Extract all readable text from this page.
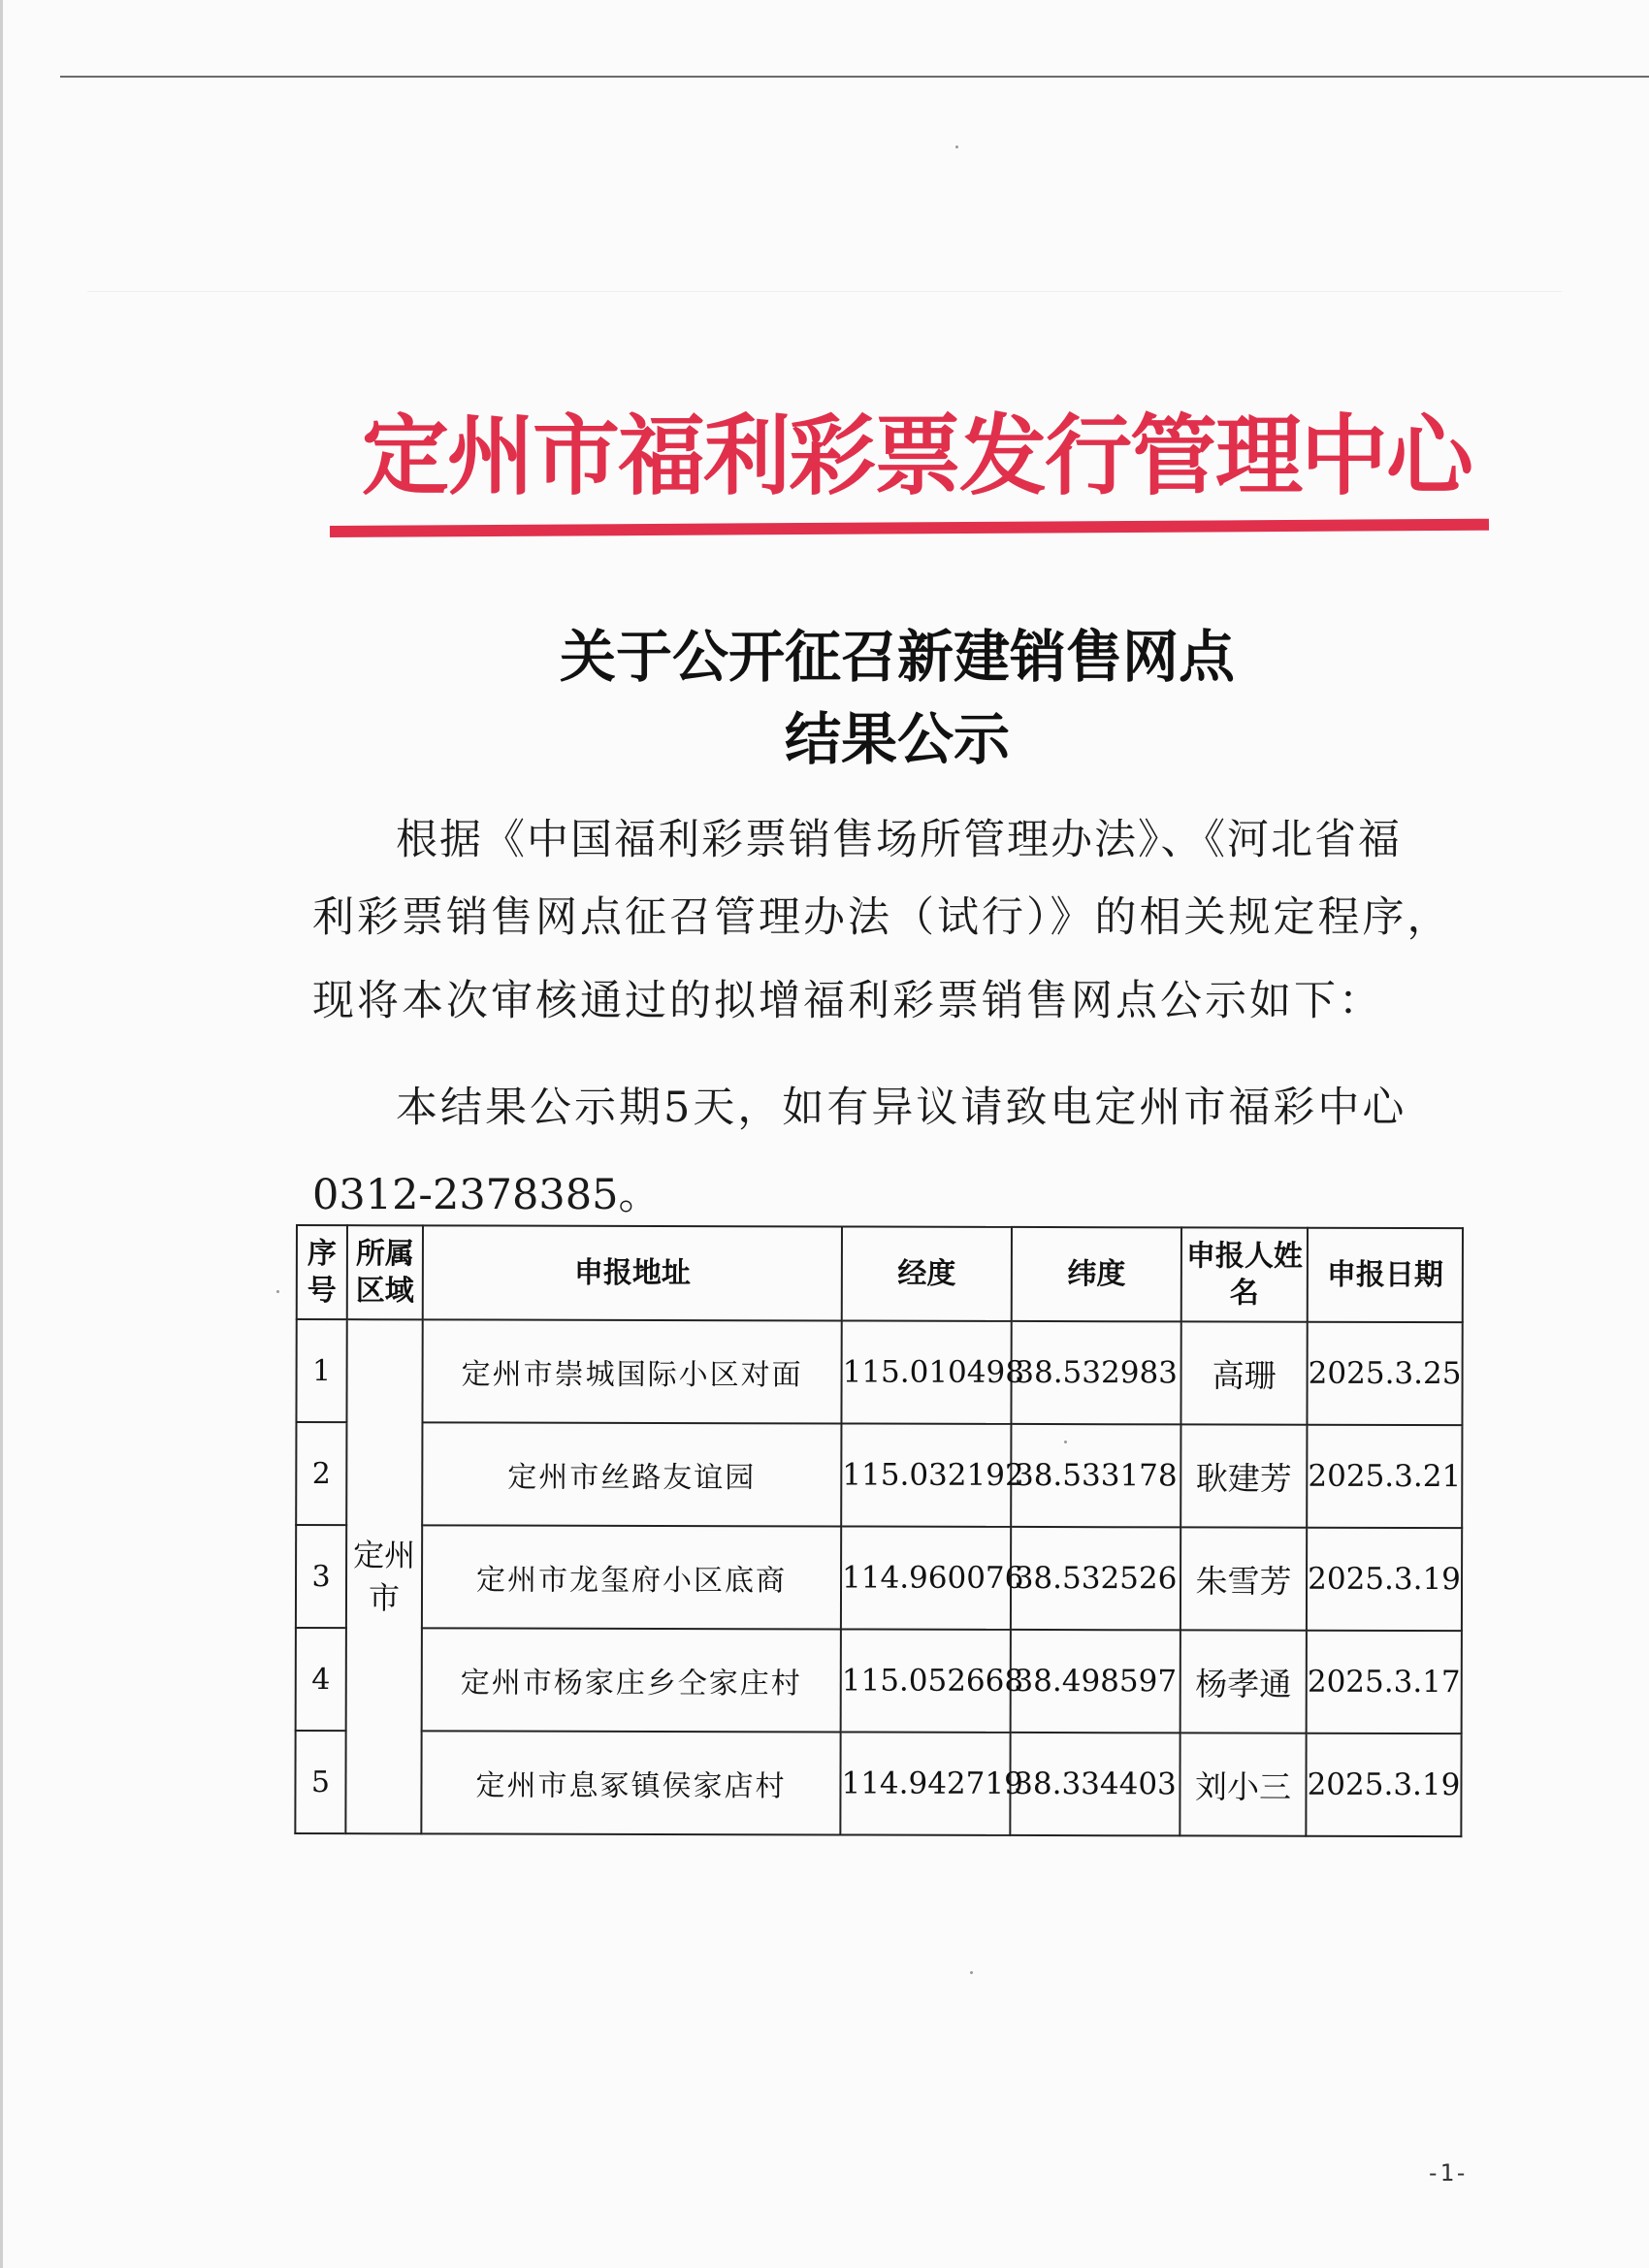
定州市福利彩票发行管理中心
关于公开征召新建销售网点
结果公示
根据《中国福利彩票销售场所管理办法》、《河北省福
利彩票销售网点征召管理办法（试行）》的相关规定程序，
现将本次审核通过的拟增福利彩票销售网点公示如下：
本结果公示期5天，如有异议请致电定州市福彩中心
0312-2378385。
序号	所属区域	申报地址	经度	纬度	申报人姓名	申报日期
1	定州市	定州市崇城国际小区对面	115.010498	38.532983	高珊	2025.3.25
2		定州市丝路友谊园	115.032192	38.533178	耿建芳	2025.3.21
3		定州市龙玺府小区底商	114.960076	38.532526	朱雪芳	2025.3.19
4		定州市杨家庄乡仝家庄村	115.052668	38.498597	杨孝通	2025.3.17
5		定州市息冢镇侯家店村	114.942719	38.334403	刘小三	2025.3.19
-1-
